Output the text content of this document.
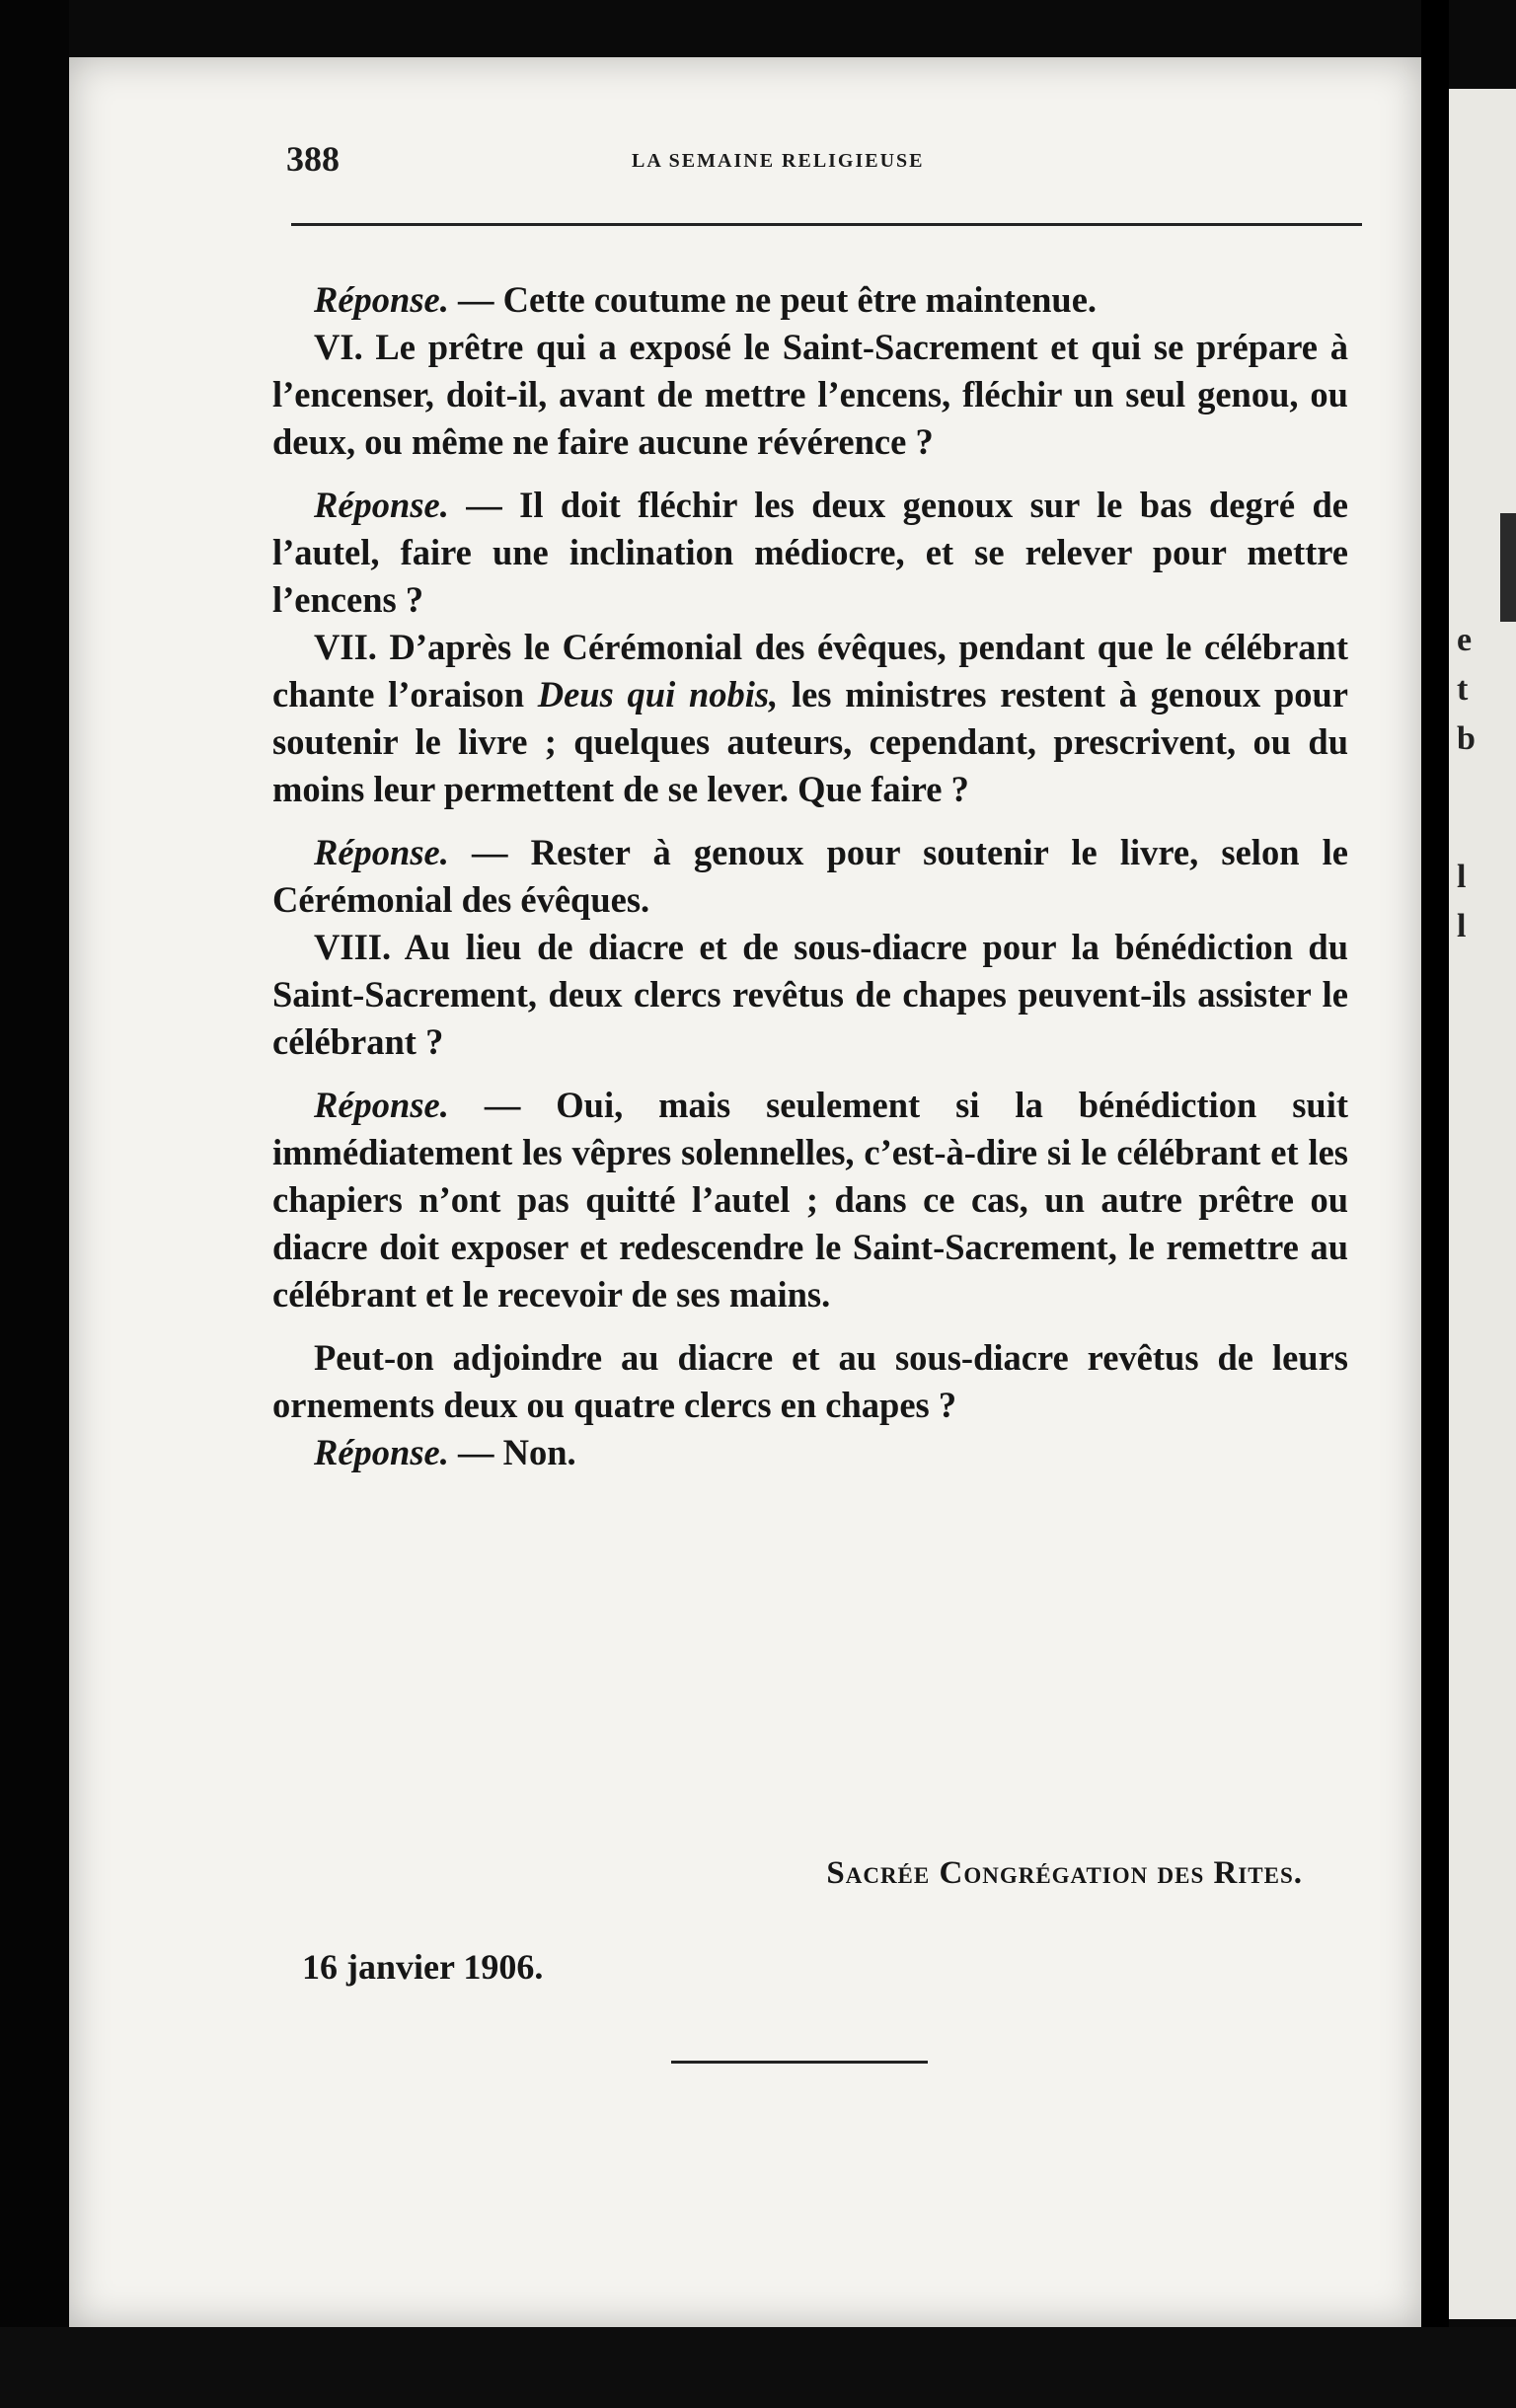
388	LA SEMAINE RELIGIEUSE

Réponse. — Cette coutume ne peut être maintenue.

VI. Le prêtre qui a exposé le Saint-Sacrement et qui se prépare à l’encenser, doit-il, avant de mettre l’encens, fléchir un seul genou, ou deux, ou même ne faire aucune révérence ?

Réponse. — Il doit fléchir les deux genoux sur le bas degré de l’autel, faire une inclination médiocre, et se relever pour mettre l’encens ?

VII. D’après le Cérémonial des évêques, pendant que le célébrant chante l’oraison Deus qui nobis, les ministres restent à genoux pour soutenir le livre ; quelques auteurs, cependant, prescrivent, ou du moins leur permettent de se lever. Que faire ?

Réponse. — Rester à genoux pour soutenir le livre, selon le Cérémonial des évêques.

VIII. Au lieu de diacre et de sous-diacre pour la bénédiction du Saint-Sacrement, deux clercs revêtus de chapes peuvent-ils assister le célébrant ?

Réponse. — Oui, mais seulement si la bénédiction suit immédiatement les vêpres solennelles, c’est-à-dire si le célébrant et les chapiers n’ont pas quitté l’autel ; dans ce cas, un autre prêtre ou diacre doit exposer et redescendre le Saint-Sacrement, le remettre au célébrant et le recevoir de ses mains.

Peut-on adjoindre au diacre et au sous-diacre revêtus de leurs ornements deux ou quatre clercs en chapes ?

Réponse. — Non.

Sacrée Congrégation des Rites.
16 janvier 1906.
e
t
b
l
l
